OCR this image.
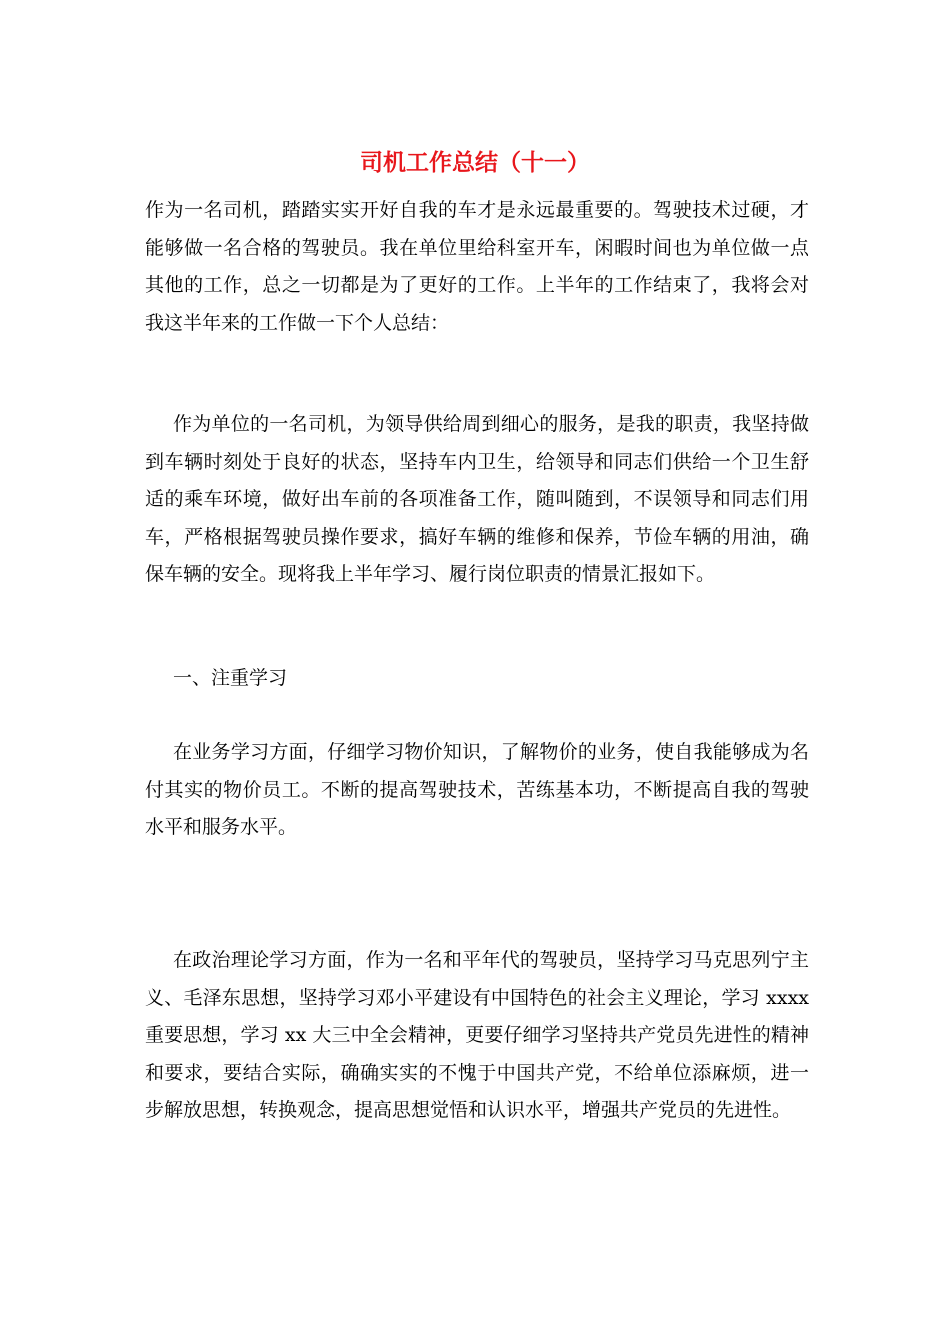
司机工作总结（十一）

作为一名司机，踏踏实实开好自我的车才是永远最重要的。驾驶技术过硬，才能够做一名合格的驾驶员。我在单位里给科室开车，闲暇时间也为单位做一点其他的工作，总之一切都是为了更好的工作。上半年的工作结束了，我将会对我这半年来的工作做一下个人总结：

作为单位的一名司机，为领导供给周到细心的服务，是我的职责，我坚持做到车辆时刻处于良好的状态，坚持车内卫生，给领导和同志们供给一个卫生舒适的乘车环境，做好出车前的各项准备工作，随叫随到，不误领导和同志们用车，严格根据驾驶员操作要求，搞好车辆的维修和保养，节俭车辆的用油，确保车辆的安全。现将我上半年学习、履行岗位职责的情景汇报如下。

一、注重学习

在业务学习方面，仔细学习物价知识，了解物价的业务，使自我能够成为名付其实的物价员工。不断的提高驾驶技术，苦练基本功，不断提高自我的驾驶水平和服务水平。

在政治理论学习方面，作为一名和平年代的驾驶员，坚持学习马克思列宁主义、毛泽东思想，坚持学习邓小平建设有中国特色的社会主义理论，学习 xxxx 重要思想，学习 xx 大三中全会精神，更要仔细学习坚持共产党员先进性的精神和要求，要结合实际，确确实实的不愧于中国共产党，不给单位添麻烦，进一步解放思想，转换观念，提高思想觉悟和认识水平，增强共产党员的先进性。
